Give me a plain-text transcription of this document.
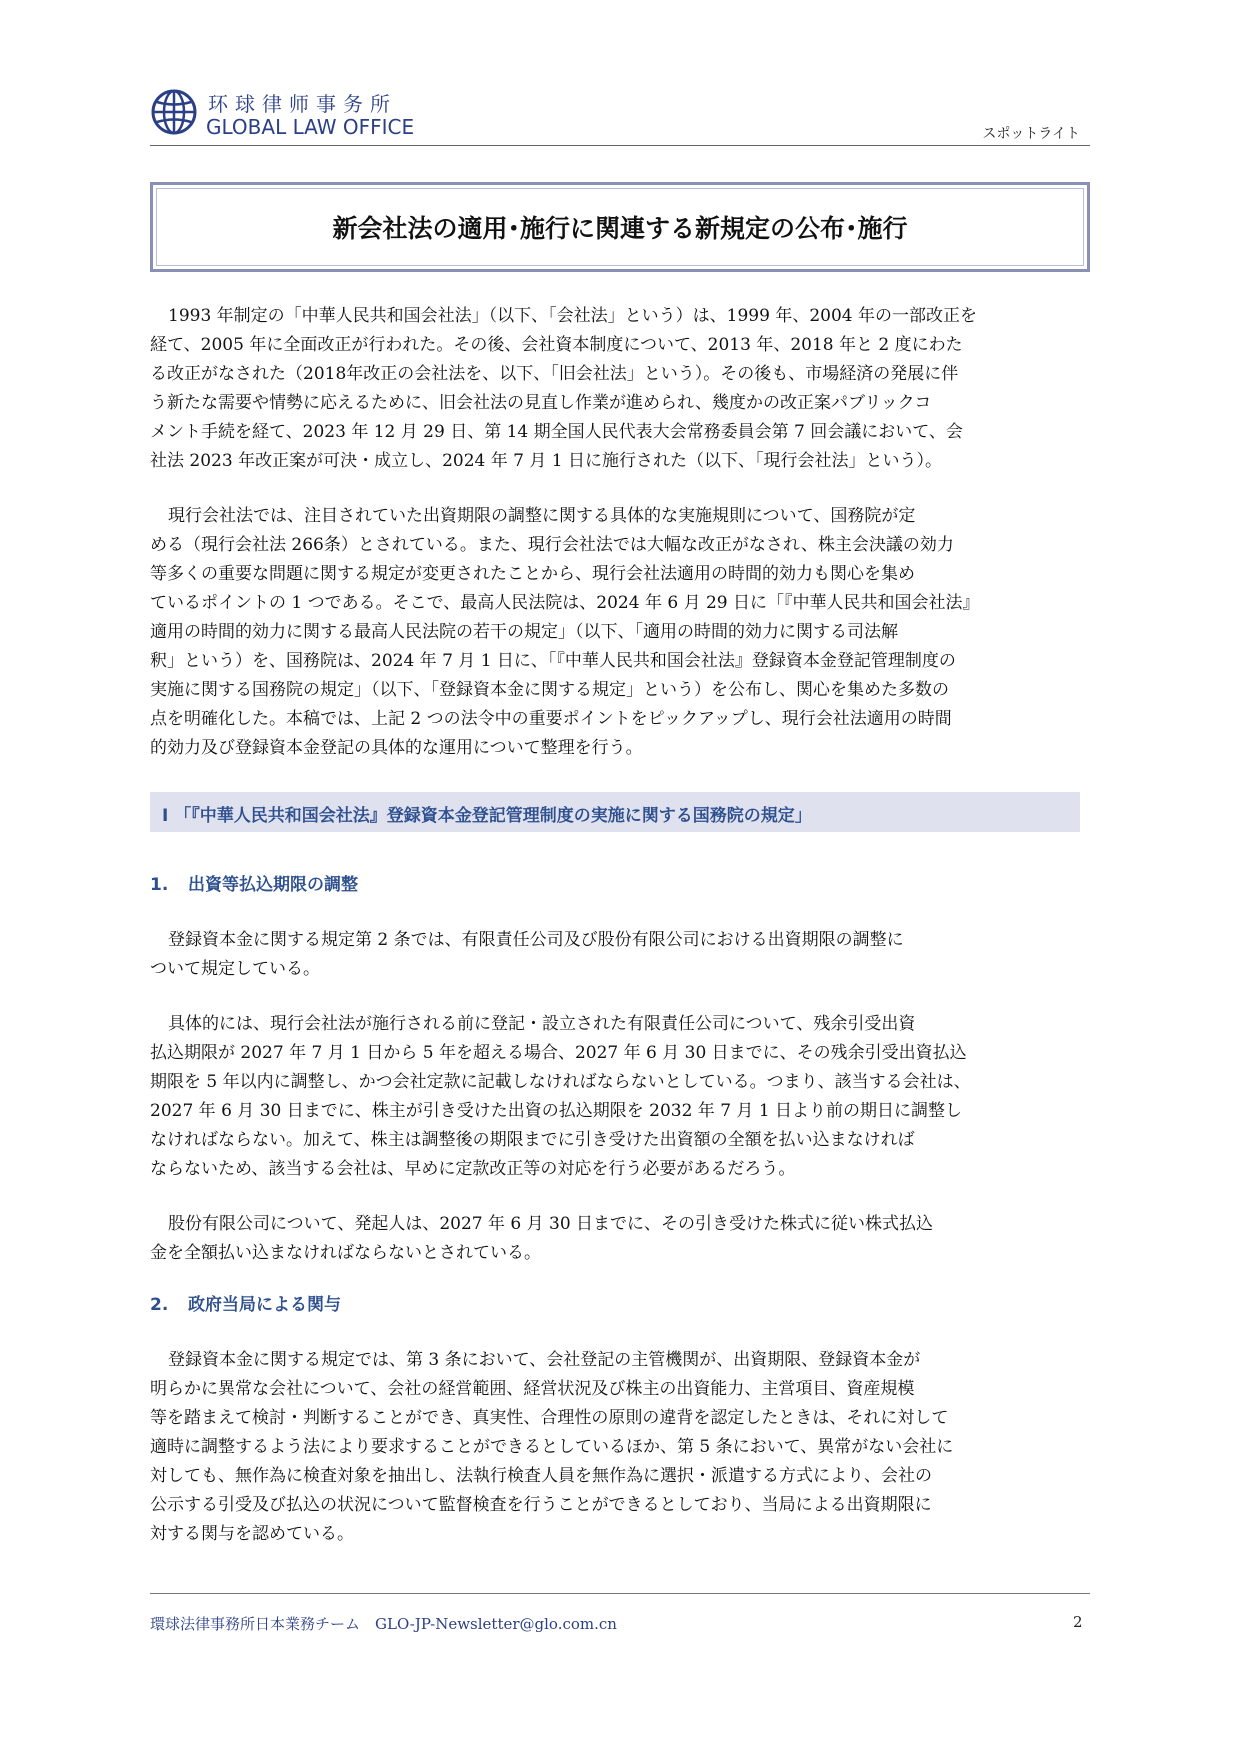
环球律师事务所
GLOBAL LAW OFFICE	スポットライト
新会社法の適用･施行に関連する新規定の公布･施行
1993 年制定の「中華人民共和国会社法」（以下、「会社法」という）は、1999 年、2004 年の一部改正を
経て、2005 年に全面改正が行われた。その後、会社資本制度について、2013 年、2018 年と 2 度にわた
る改正がなされた（2018年改正の会社法を、以下、「旧会社法」という）。その後も、市場経済の発展に伴
う新たな需要や情勢に応えるために、旧会社法の見直し作業が進められ、幾度かの改正案パブリックコ
メント手続を経て、2023 年 12 月 29 日、第 14 期全国人民代表大会常務委員会第 7 回会議において、会
社法 2023 年改正案が可決・成立し、2024 年 7 月 1 日に施行された（以下、「現行会社法」という）。
現行会社法では、注目されていた出資期限の調整に関する具体的な実施規則について、国務院が定
める（現行会社法 266条）とされている。また、現行会社法では大幅な改正がなされ、株主会決議の効力
等多くの重要な問題に関する規定が変更されたことから、現行会社法適用の時間的効力も関心を集め
ているポイントの 1 つである。そこで、最高人民法院は、2024 年 6 月 29 日に「『中華人民共和国会社法』
適用の時間的効力に関する最高人民法院の若干の規定」（以下、「適用の時間的効力に関する司法解
釈」という）を、国務院は、2024 年 7 月 1 日に、「『中華人民共和国会社法』登録資本金登記管理制度の
実施に関する国務院の規定」（以下、「登録資本金に関する規定」という）を公布し、関心を集めた多数の
点を明確化した。本稿では、上記 2 つの法令中の重要ポイントをピックアップし、現行会社法適用の時間
的効力及び登録資本金登記の具体的な運用について整理を行う。
I 「『中華人民共和国会社法』登録資本金登記管理制度の実施に関する国務院の規定」
1. 出資等払込期限の調整
登録資本金に関する規定第 2 条では、有限責任公司及び股份有限公司における出資期限の調整に
ついて規定している。
具体的には、現行会社法が施行される前に登記・設立された有限責任公司について、残余引受出資
払込期限が 2027 年 7 月 1 日から 5 年を超える場合、2027 年 6 月 30 日までに、その残余引受出資払込
期限を 5 年以内に調整し、かつ会社定款に記載しなければならないとしている。つまり、該当する会社は、
2027 年 6 月 30 日までに、株主が引き受けた出資の払込期限を 2032 年 7 月 1 日より前の期日に調整し
なければならない。加えて、株主は調整後の期限までに引き受けた出資額の全額を払い込まなければ
ならないため、該当する会社は、早めに定款改正等の対応を行う必要があるだろう。
股份有限公司について、発起人は、2027 年 6 月 30 日までに、その引き受けた株式に従い株式払込
金を全額払い込まなければならないとされている。
2. 政府当局による関与
登録資本金に関する規定では、第 3 条において、会社登記の主管機関が、出資期限、登録資本金が
明らかに異常な会社について、会社の経営範囲、経営状況及び株主の出資能力、主営項目、資産規模
等を踏まえて検討・判断することができ、真実性、合理性の原則の違背を認定したときは、それに対して
適時に調整するよう法により要求することができるとしているほか、第 5 条において、異常がない会社に
対しても、無作為に検査対象を抽出し、法執行検査人員を無作為に選択・派遣する方式により、会社の
公示する引受及び払込の状況について監督検査を行うことができるとしており、当局による出資期限に
対する関与を認めている。
環球法律事務所日本業務チーム　GLO-JP-Newsletter@glo.com.cn	2
